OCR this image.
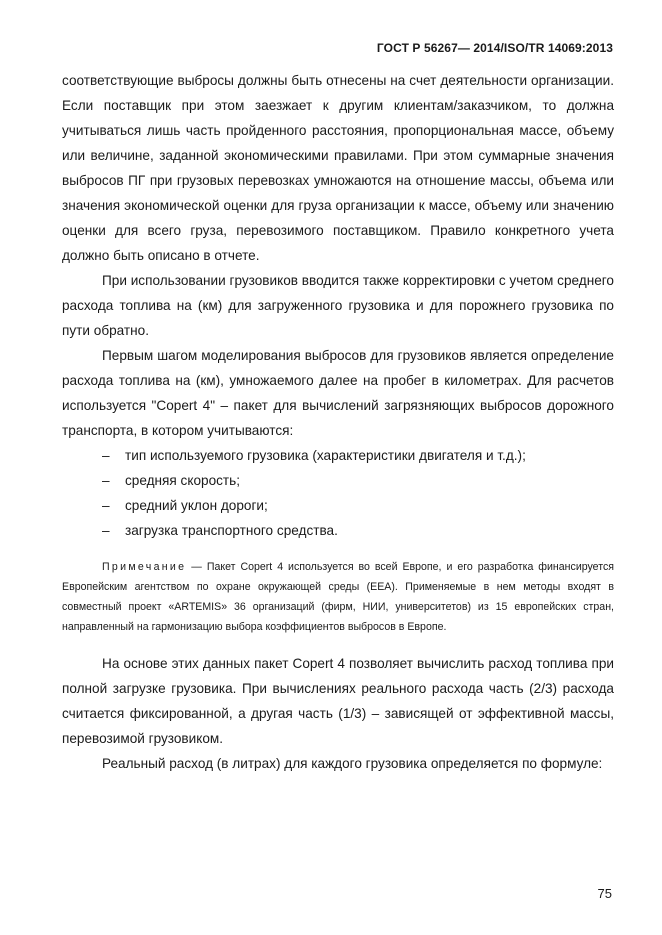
ГОСТ Р 56267— 2014/ISO/TR 14069:2013

соответствующие выбросы должны быть отнесены на счет деятельности организации. Если поставщик при этом заезжает к другим клиентам/заказчиком, то должна учитываться лишь часть пройденного расстояния, пропорциональная массе, объему или величине, заданной экономическими правилами. При этом суммарные значения выбросов ПГ при грузовых перевозках умножаются на отношение массы, объема или значения экономической оценки для груза организации к массе, объему или значению оценки для всего груза, перевозимого поставщиком. Правило конкретного учета должно быть описано в отчете.

При использовании грузовиков вводится также корректировки с учетом среднего расхода топлива на (км) для загруженного грузовика и для порожнего грузовика по пути обратно.

Первым шагом моделирования выбросов для грузовиков является определение расхода топлива на (км), умножаемого далее на пробег в километрах. Для расчетов используется "Copert 4" – пакет для вычислений загрязняющих выбросов дорожного транспорта, в котором учитываются:

– тип используемого грузовика (характеристики двигателя и т.д.);
– средняя скорость;
– средний уклон дороги;
– загрузка транспортного средства.

Примечание — Пакет Copert 4 используется во всей Европе, и его разработка финансируется Европейским агентством по охране окружающей среды (ЕЕА). Применяемые в нем методы входят в совместный проект «ARTEMIS» 36 организаций (фирм, НИИ, университетов) из 15 европейских стран, направленный на гармонизацию выбора коэффициентов выбросов в Европе.

На основе этих данных пакет Copert 4 позволяет вычислить расход топлива при полной загрузке грузовика. При вычислениях реального расхода часть (2/3) расхода считается фиксированной, а другая часть (1/3) – зависящей от эффективной массы, перевозимой грузовиком.

Реальный расход (в литрах) для каждого грузовика определяется по формуле:

75
